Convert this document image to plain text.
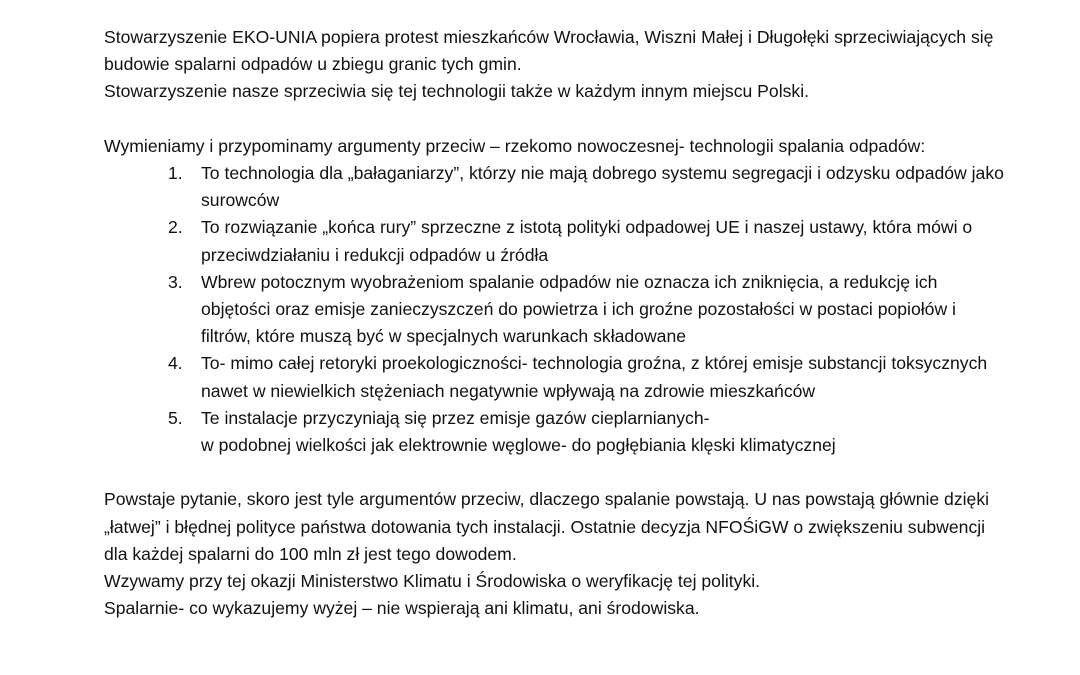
Stowarzyszenie EKO-UNIA popiera protest mieszkańców Wrocławia, Wiszni Małej i Długołęki sprzeciwiających się budowie spalarni odpadów u zbiegu granic tych gmin.

Stowarzyszenie nasze sprzeciwia się tej technologii także w każdym innym miejscu Polski.

Wymieniamy i przypominamy argumenty przeciw – rzekomo nowoczesnej- technologii spalania odpadów:

1. To technologia dla „bałaganiarzy”, którzy nie mają dobrego systemu segregacji i odzysku odpadów jako surowców
2. To rozwiązanie „końca rury” sprzeczne z istotą polityki odpadowej UE i naszej ustawy, która mówi o przeciwdziałaniu i redukcji odpadów u źródła
3. Wbrew potocznym wyobrażeniom spalanie odpadów nie oznacza ich zniknięcia, a redukcję ich objętości oraz emisje zanieczyszczeń do powietrza i ich groźne pozostałości w postaci popiołów i filtrów, które muszą być w specjalnych warunkach składowane
4. To- mimo całej retoryki proekologiczności- technologia groźna, z której emisje substancji toksycznych nawet w niewielkich stężeniach negatywnie wpływają na zdrowie mieszkańców
5. Te instalacje przyczyniają się przez emisje gazów cieplarnianych-
w podobnej wielkości jak elektrownie węglowe- do pogłębiania klęski klimatycznej

Powstaje pytanie, skoro jest tyle argumentów przeciw, dlaczego spalanie powstają. U nas powstają głównie dzięki „łatwej” i błędnej polityce państwa dotowania tych instalacji. Ostatnie decyzja NFOŚiGW o zwiększeniu subwencji dla każdej spalarni do 100 mln zł jest tego dowodem.

Wzywamy przy tej okazji Ministerstwo Klimatu i Środowiska o weryfikację tej polityki.

Spalarnie- co wykazujemy wyżej – nie wspierają ani klimatu, ani środowiska.
